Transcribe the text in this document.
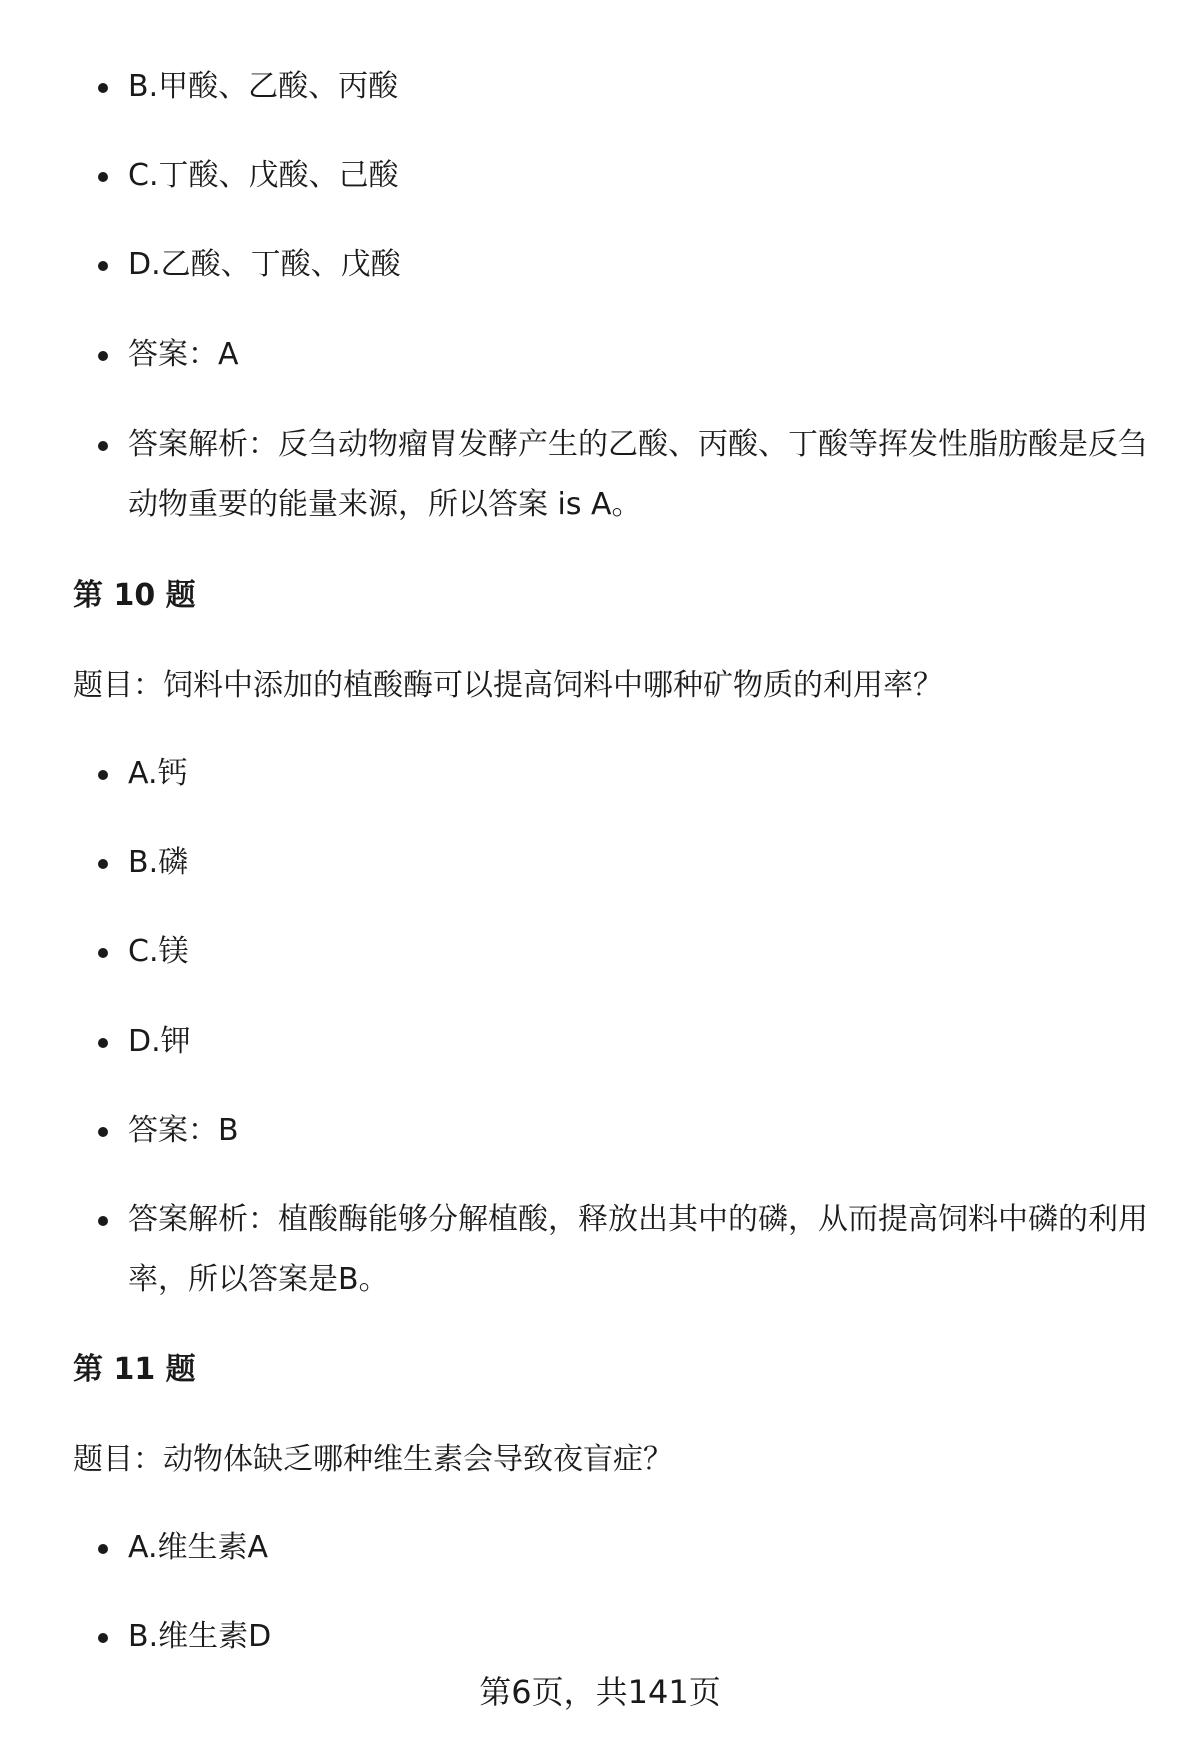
B.甲酸、乙酸、丙酸
C.丁酸、戊酸、己酸
D.乙酸、丁酸、戊酸
答案：A
答案解析：反刍动物瘤胃发酵产生的乙酸、丙酸、丁酸等挥发性脂肪酸是反刍动物重要的能量来源，所以答案 is A。
第 10 题
题目：饲料中添加的植酸酶可以提高饲料中哪种矿物质的利用率？
A.钙
B.磷
C.镁
D.钾
答案：B
答案解析：植酸酶能够分解植酸，释放出其中的磷，从而提高饲料中磷的利用率，所以答案是B。
第 11 题
题目：动物体缺乏哪种维生素会导致夜盲症？
A.维生素A
B.维生素D
第6页，共141页
